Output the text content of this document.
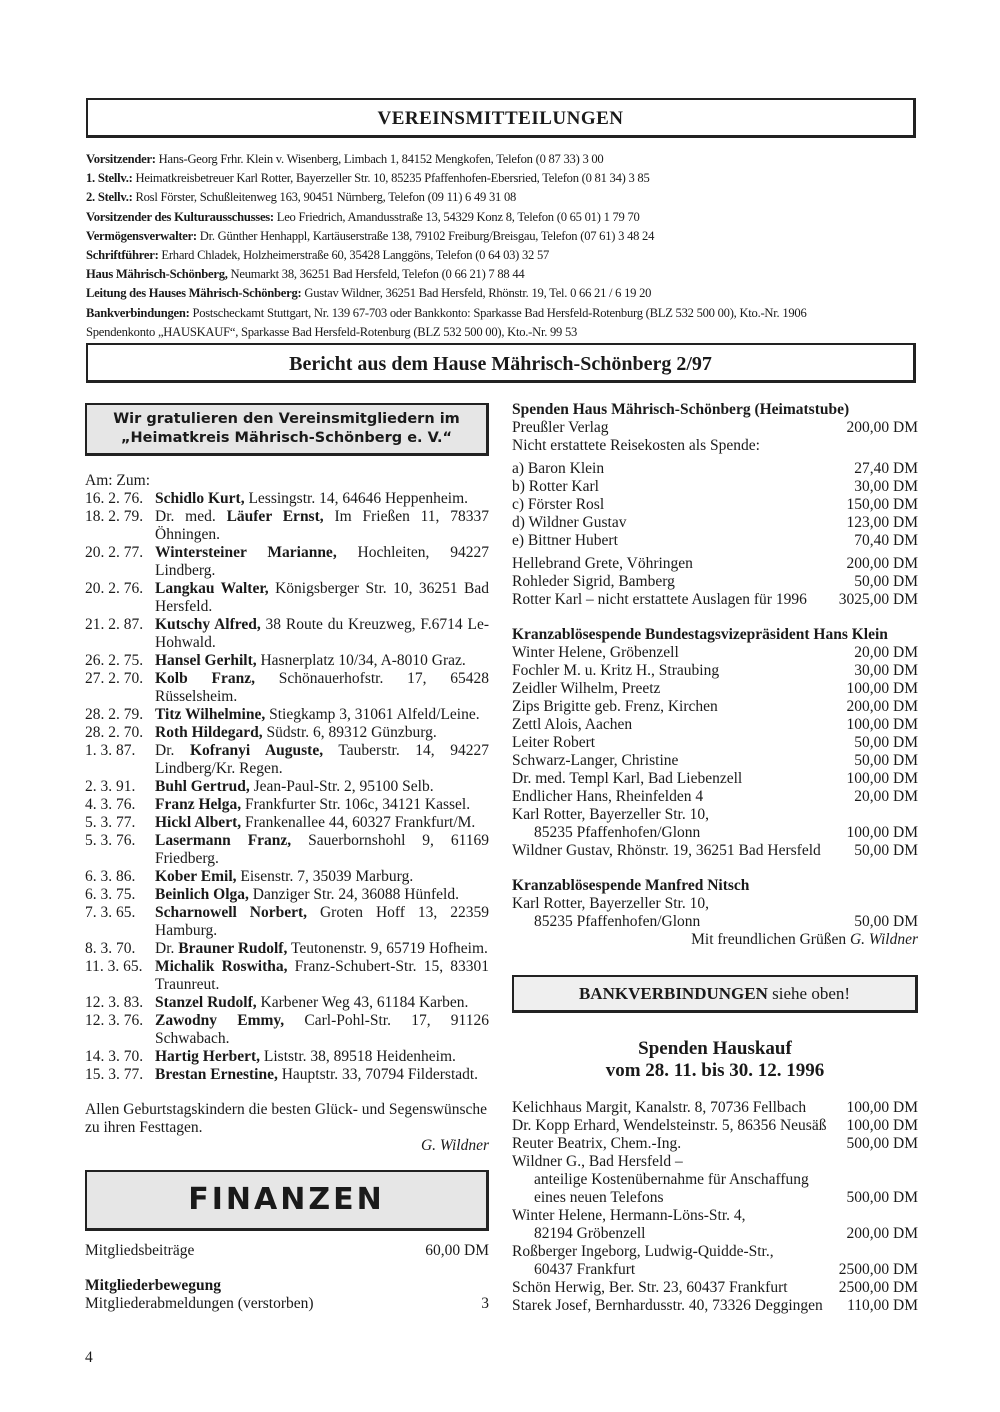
VEREINSMITTEILUNGEN
Vorsitzender: Hans-Georg Frhr. Klein v. Wisenberg, Limbach 1, 84152 Mengkofen, Telefon (0 87 33) 3 00
1. Stellv.: Heimatkreisbetreuer Karl Rotter, Bayerzeller Str. 10, 85235 Pfaffenhofen-Ebersried, Telefon (0 81 34) 3 85
2. Stellv.: Rosl Förster, Schußleitenweg 163, 90451 Nürnberg, Telefon (09 11) 6 49 31 08
Vorsitzender des Kulturausschusses: Leo Friedrich, Amandusstraße 13, 54329 Konz 8, Telefon (0 65 01) 1 79 70
Vermögensverwalter: Dr. Günther Henhappl, Kartäuserstraße 138, 79102 Freiburg/Breisgau, Telefon (07 61) 3 48 24
Schriftführer: Erhard Chladek, Holzheimerstraße 60, 35428 Langgöns, Telefon (0 64 03) 32 57
Haus Mährisch-Schönberg, Neumarkt 38, 36251 Bad Hersfeld, Telefon (0 66 21) 7 88 44
Leitung des Hauses Mährisch-Schönberg: Gustav Wildner, 36251 Bad Hersfeld, Rhönstr. 19, Tel. 0 66 21 / 6 19 20
Bankverbindungen: Postscheckamt Stuttgart, Nr. 139 67-703 oder Bankkonto: Sparkasse Bad Hersfeld-Rotenburg (BLZ 532 500 00), Kto.-Nr. 1906
Spendenkonto „HAUSKAUF“, Sparkasse Bad Hersfeld-Rotenburg (BLZ 532 500 00), Kto.-Nr. 99 53
Bericht aus dem Hause Mährisch-Schönberg 2/97
Wir gratulieren den Vereinsmitgliedern im
„Heimatkreis Mährisch-Schönberg e. V.“
Am: Zum:
16. 2. 76. Schidlo Kurt, Lessingstr. 14, 64646 Heppenheim.
18. 2. 79. Dr. med. Läufer Ernst, Im Frießen 11, 78337 Öhningen.
20. 2. 77. Wintersteiner Marianne, Hochleiten, 94227 Lindberg.
20. 2. 76. Langkau Walter, Königsberger Str. 10, 36251 Bad Hersfeld.
21. 2. 87. Kutschy Alfred, 38 Route du Kreuzweg, F.6714 Le-Hohwald.
26. 2. 75. Hansel Gerhilt, Hasnerplatz 10/34, A-8010 Graz.
27. 2. 70. Kolb Franz, Schönauerhofstr. 17, 65428 Rüsselsheim.
28. 2. 79. Titz Wilhelmine, Stiegkamp 3, 31061 Alfeld/Leine.
28. 2. 70. Roth Hildegard, Südstr. 6, 89312 Günzburg.
1. 3. 87.	Dr. Kofranyi Auguste, Tauberstr. 14, 94227 Lindberg/Kr. Regen.
2. 3. 91.	Buhl Gertrud, Jean-Paul-Str. 2, 95100 Selb.
4. 3. 76.	Franz Helga, Frankfurter Str. 106c, 34121 Kassel.
5. 3. 77.	Hickl Albert, Frankenallee 44, 60327 Frankfurt/M.
5. 3. 76.	Lasermann Franz, Sauerbornshohl 9, 61169 Friedberg.
6. 3. 86.	Kober Emil, Eisenstr. 7, 35039 Marburg.
6. 3. 75.	Beinlich Olga, Danziger Str. 24, 36088 Hünfeld.
7. 3. 65.	Scharnowell Norbert, Groten Hoff 13, 22359 Hamburg.
8. 3. 70.	Dr. Brauner Rudolf, Teutonenstr. 9, 65719 Hofheim.
11. 3. 65. Michalik Roswitha, Franz-Schubert-Str. 15, 83301 Traunreut.
12. 3. 83. Stanzel Rudolf, Karbener Weg 43, 61184 Karben.
12. 3. 76. Zawodny Emmy, Carl-Pohl-Str. 17, 91126 Schwabach.
14. 3. 70. Hartig Herbert, Liststr. 38, 89518 Heidenheim.
15. 3. 77. Brestan Ernestine, Hauptstr. 33, 70794 Filderstadt.
Allen Geburtstagskindern die besten Glück- und Segenswünsche zu ihren Festtagen.
G. Wildner
FINANZEN
Mitgliedsbeiträge	60,00 DM
Mitgliederbewegung
Mitgliederabmeldungen (verstorben)	3
Spenden Haus Mährisch-Schönberg (Heimatstube)
Preußler Verlag	200,00 DM
Nicht erstattete Reisekosten als Spende:
a) Baron Klein	27,40 DM
b) Rotter Karl	30,00 DM
c) Förster Rosl	150,00 DM
d) Wildner Gustav	123,00 DM
e) Bittner Hubert	70,40 DM
Hellebrand Grete, Vöhringen	200,00 DM
Rohleder Sigrid, Bamberg	50,00 DM
Rotter Karl – nicht erstattete Auslagen für 1996	3025,00 DM
Kranzablösespende Bundestagsvizepräsident Hans Klein
Winter Helene, Gröbenzell	20,00 DM
Fochler M. u. Kritz H., Straubing	30,00 DM
Zeidler Wilhelm, Preetz	100,00 DM
Zips Brigitte geb. Frenz, Kirchen	200,00 DM
Zettl Alois, Aachen	100,00 DM
Leiter Robert	50,00 DM
Schwarz-Langer, Christine	50,00 DM
Dr. med. Templ Karl, Bad Liebenzell	100,00 DM
Endlicher Hans, Rheinfelden 4	20,00 DM
Karl Rotter, Bayerzeller Str. 10,
85235 Pfaffenhofen/Glonn	100,00 DM
Wildner Gustav, Rhönstr. 19, 36251 Bad Hersfeld	50,00 DM
Kranzablösespende Manfred Nitsch
Karl Rotter, Bayerzeller Str. 10,
85235 Pfaffenhofen/Glonn	50,00 DM
Mit freundlichen Grüßen G. Wildner
BANKVERBINDUNGEN siehe oben!
Spenden Hauskauf
vom 28. 11. bis 30. 12. 1996
Kelichhaus Margit, Kanalstr. 8, 70736 Fellbach	100,00 DM
Dr. Kopp Erhard, Wendelsteinstr. 5, 86356 Neusäß	100,00 DM
Reuter Beatrix, Chem.-Ing.	500,00 DM
Wildner G., Bad Hersfeld –
anteilige Kostenübernahme für Anschaffung
eines neuen Telefons	500,00 DM
Winter Helene, Hermann-Löns-Str. 4,
82194 Gröbenzell	200,00 DM
Roßberger Ingeborg, Ludwig-Quidde-Str.,
60437 Frankfurt	2500,00 DM
Schön Herwig, Ber. Str. 23, 60437 Frankfurt	2500,00 DM
Starek Josef, Bernhardusstr. 40, 73326 Deggingen	110,00 DM
4
